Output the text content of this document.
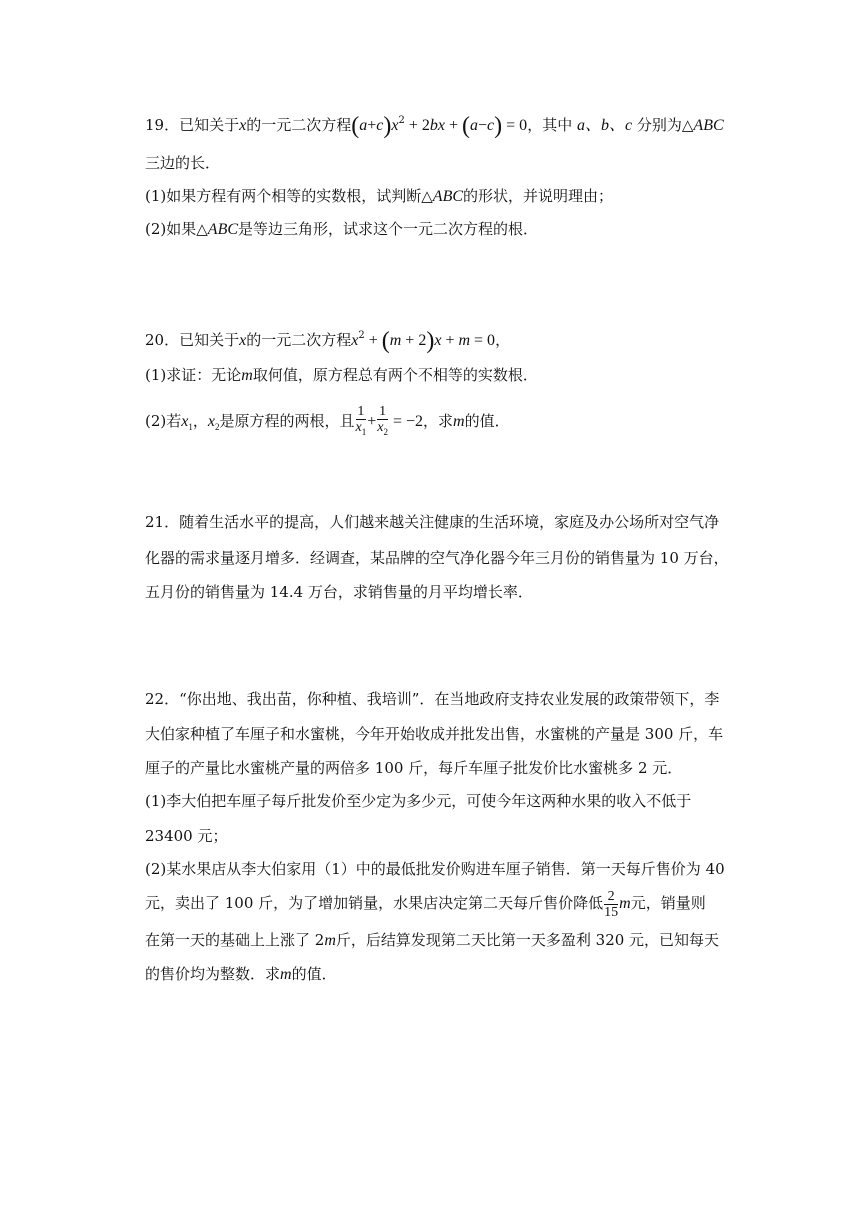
19．已知关于x的一元二次方程$(a+c)x^2 + 2bx + (a-c) = 0$，其中 a、b、c 分别为△ABC
三边的长．
(1)如果方程有两个相等的实数根，试判断△ABC的形状，并说明理由；
(2)如果△ABC是等边三角形，试求这个一元二次方程的根．
20．已知关于x的一元二次方程$x^2 + (m + 2)x + m = 0$，
(1)求证：无论m取何值，原方程总有两个不相等的实数根．
(2)若$x_1$，$x_2$是原方程的两根，且 $\frac{1}{x_1} + \frac{1}{x_2} = -2$，求m的值．
21．随着生活水平的提高，人们越来越关注健康的生活环境，家庭及办公场所对空气净
化器的需求量逐月增多．经调查，某品牌的空气净化器今年三月份的销售量为 10 万台，
五月份的销售量为 14.4 万台，求销售量的月平均增长率．
22．“你出地、我出苗，你种植、我培训”．在当地政府支持农业发展的政策带领下，李
大伯家种植了车厘子和水蜜桃，今年开始收成并批发出售，水蜜桃的产量是 300 斤，车
厘子的产量比水蜜桃产量的两倍多 100 斤，每斤车厘子批发价比水蜜桃多 2 元．
(1)李大伯把车厘子每斤批发价至少定为多少元，可使今年这两种水果的收入不低于
23400 元；
(2)某水果店从李大伯家用（1）中的最低批发价购进车厘子销售．第一天每斤售价为 40
元，卖出了 100 斤，为了增加销量，水果店决定第二天每斤售价降低 $\frac{2}{15}$ m元，销量则
在第一天的基础上上涨了 2m斤，后结算发现第二天比第一天多盈利 320 元，已知每天
的售价均为整数．求m的值．
